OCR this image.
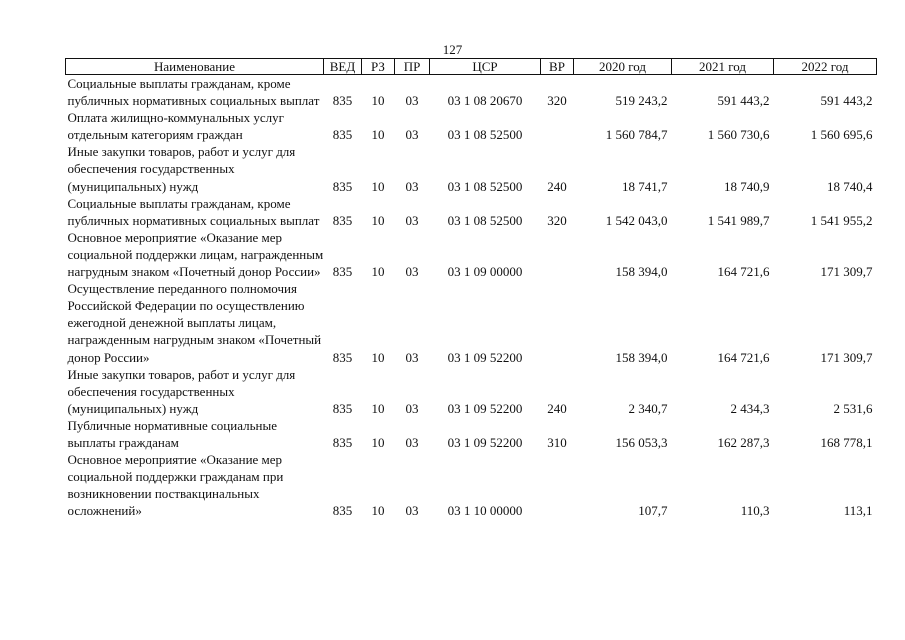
127
Наименование	ВЕД	РЗ	ПР	ЦСР	ВР	2020 год	2021 год	2022 год
Социальные выплаты гражданам, кроме публичных нормативных социальных выплат	835	10	03	03 1 08 20670	320	519 243,2	591 443,2	591 443,2
Оплата жилищно-коммунальных услуг отдельным категориям граждан	835	10	03	03 1 08 52500		1 560 784,7	1 560 730,6	1 560 695,6
Иные закупки товаров, работ и услуг для обеспечения государственных (муниципальных) нужд	835	10	03	03 1 08 52500	240	18 741,7	18 740,9	18 740,4
Социальные выплаты гражданам, кроме публичных нормативных социальных выплат	835	10	03	03 1 08 52500	320	1 542 043,0	1 541 989,7	1 541 955,2
Основное мероприятие «Оказание мер социальной поддержки лицам, награжденным нагрудным знаком «Почетный донор России»	835	10	03	03 1 09 00000		158 394,0	164 721,6	171 309,7
Осуществление переданного полномочия Российской Федерации по осуществлению ежегодной денежной выплаты лицам, награжденным нагрудным знаком «Почетный донор России»	835	10	03	03 1 09 52200		158 394,0	164 721,6	171 309,7
Иные закупки товаров, работ и услуг для обеспечения государственных (муниципальных) нужд	835	10	03	03 1 09 52200	240	2 340,7	2 434,3	2 531,6
Публичные нормативные социальные выплаты гражданам	835	10	03	03 1 09 52200	310	156 053,3	162 287,3	168 778,1
Основное мероприятие «Оказание мер социальной поддержки гражданам при возникновении поствакцинальных осложнений»	835	10	03	03 1 10 00000		107,7	110,3	113,1
